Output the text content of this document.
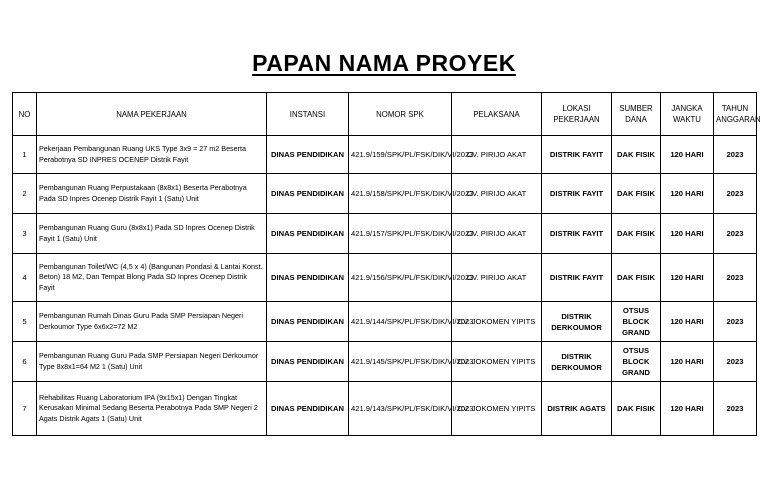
PAPAN NAMA PROYEK
NO	NAMA PEKERJAAN	INSTANSI	NOMOR SPK	PELAKSANA	LOKASI PEKERJAAN	SUMBER DANA	JANGKA WAKTU	TAHUN ANGGARAN
1	Pekerjaan Pembangunan Ruang UKS Type 3x9 = 27 m2 Beserta Perabotnya SD INPRES OCENEP Distrik Fayit	DINAS PENDIDIKAN	421.9/159/SPK/PL/FSK/DIK/VI/2023	CV. PIRIJO AKAT	DISTRIK FAYIT	DAK FISIK	120 HARI	2023
2	Pembangunan Ruang Perpustakaan (8x8x1) Beserta Perabotnya Pada SD Inpres Ocenep Distrik Fayit 1 (Satu) Unit	DINAS PENDIDIKAN	421.9/158/SPK/PL/FSK/DIK/VI/2023	CV. PIRIJO AKAT	DISTRIK FAYIT	DAK FISIK	120 HARI	2023
3	Pembangunan Ruang Guru (8x8x1) Pada SD Inpres Ocenep Distrik Fayit 1 (Satu) Unit	DINAS PENDIDIKAN	421.9/157/SPK/PL/FSK/DIK/VI/2023	CV. PIRIJO AKAT	DISTRIK FAYIT	DAK FISIK	120 HARI	2023
4	Pembangunan Toilet/WC (4,5 x 4) (Bangunan Pondasi & Lantai Konst. Beton) 18 M2, Dan Tempat Blong Pada SD Inpres Ocenep Distrik Fayit	DINAS PENDIDIKAN	421.9/156/SPK/PL/FSK/DIK/VI/2023	CV. PIRIJO AKAT	DISTRIK FAYIT	DAK FISIK	120 HARI	2023
5	Pembangunan Rumah Dinas Guru Pada SMP Persiapan Negeri Derkoumor Type 6x6x2=72 M2	DINAS PENDIDIKAN	421.9/144/SPK/PL/FSK/DIK/VI/2023	CV. JOKOMEN YIPITS	DISTRIK DERKOUMOR	OTSUS BLOCK GRAND	120 HARI	2023
6	Pembangunan Ruang Guru Pada SMP Persiapan Negeri Derkoumor Type 8x8x1=64 M2 1 (Satu) Unit	DINAS PENDIDIKAN	421.9/145/SPK/PL/FSK/DIK/VI/2023	CV. JOKOMEN YIPITS	DISTRIK DERKOUMOR	OTSUS BLOCK GRAND	120 HARI	2023
7	Rehabilitas Ruang Laboratorium IPA (9x15x1) Dengan Tingkat Kerusakan Minimal Sedang Beserta Perabotnya Pada SMP Negeri 2 Agats Distrik Agats 1 (Satu) Unit	DINAS PENDIDIKAN	421.9/143/SPK/PL/FSK/DIK/VI/2023	CV. JOKOMEN YIPITS	DISTRIK AGATS	DAK FISIK	120 HARI	2023
